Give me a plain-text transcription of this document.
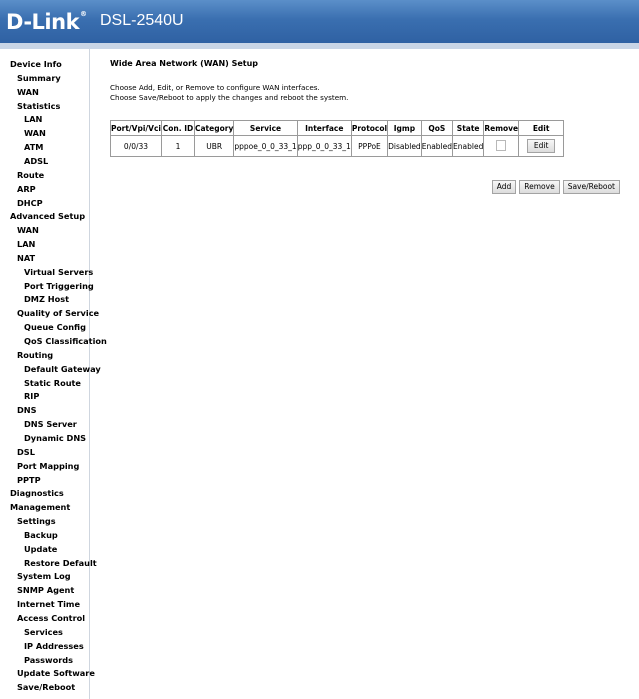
D-Link® DSL-2540U
Device Info
Summary
WAN
Statistics
LAN
WAN
ATM
ADSL
Route
ARP
DHCP
Advanced Setup
WAN
LAN
NAT
Virtual Servers
Port Triggering
DMZ Host
Quality of Service
Queue Config
QoS Classification
Routing
Default Gateway
Static Route
RIP
DNS
DNS Server
Dynamic DNS
DSL
Port Mapping
PPTP
Diagnostics
Management
Settings
Backup
Update
Restore Default
System Log
SNMP Agent
Internet Time
Access Control
Services
IP Addresses
Passwords
Update Software
Save/Reboot
Wide Area Network (WAN) Setup
Choose Add, Edit, or Remove to configure WAN interfaces.
Choose Save/Reboot to apply the changes and reboot the system.
Port/Vpi/Vci	Con. ID	Category	Service	Interface	Protocol	Igmp	QoS	State	Remove	Edit
0/0/33	1	UBR	pppoe_0_0_33_1	ppp_0_0_33_1	PPPoE	Disabled	Enabled	Enabled		Edit
Add Remove Save/Reboot
